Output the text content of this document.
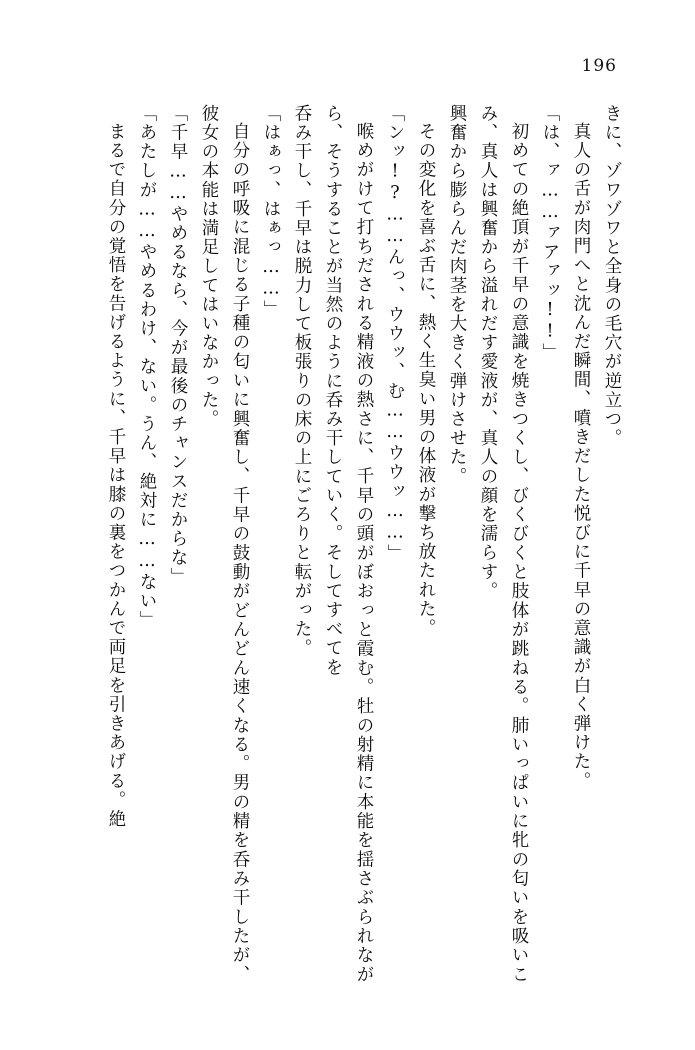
196

きに、ゾワゾワと全身の毛穴が逆立つ。

真人の舌が肉門へと沈んだ瞬間、噴きだした悦びに千早の意識が白く弾けた。

「は、ァ……ァアァッ!!」

初めての絶頂が千早の意識を焼きつくし、びくびくと肢体が跳ねる。肺いっぱいに牝の匂いを吸いこみ、真人は興奮から溢れだす愛液が、真人の顔を濡らす。

興奮から膨らんだ肉茎を大きく弾けさせた。

その変化を喜ぶ舌に、熱く生臭い男の体液が撃ち放たれた。

「ンッ!?……んっ、ウウッ、む……ウウッ……」

喉めがけて打ちだされる精液の熱さに、千早の頭がぼおっと霞む。牡の射精に本能を揺さぶられながら、そうすることが当然のように呑み干していく。そしてすべてを

呑み干し、千早は脱力して板張りの床の上にごろりと転がった。

「はぁっ、はぁっ……」

自分の呼吸に混じる子種の匂いに興奮し、千早の鼓動がどんどん速くなる。男の精を呑み干したが、彼女の本能は満足してはいなかった。

「千早……やめるなら、今が最後のチャンスだからな」

「あたしが……やめるわけ、ない。うん、絶対に……ない」

まるで自分の覚悟を告げるように、千早は膝の裏をつかんで両足を引きあげる。絶
